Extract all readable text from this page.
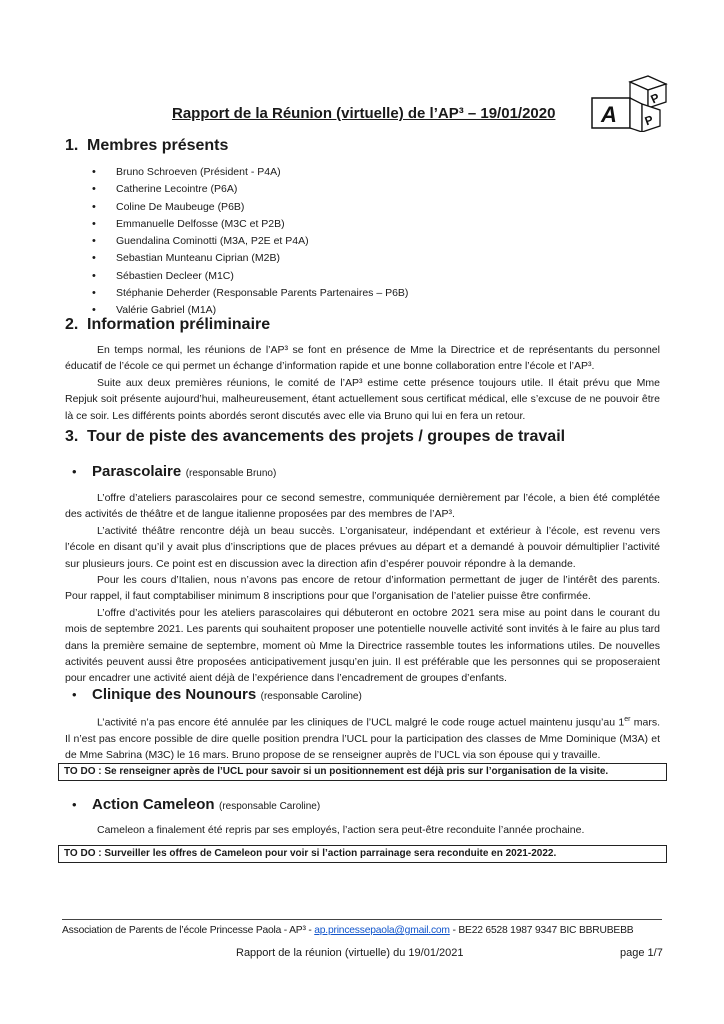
A P
P
Rapport de la Réunion (virtuelle) de l’AP³ – 19/01/2020
1. Membres présents
• Bruno Schroeven (Président - P4A)
• Catherine Lecointre (P6A)
• Coline De Maubeuge (P6B)
• Emmanuelle Delfosse (M3C et P2B)
• Guendalina Cominotti (M3A, P2E et P4A)
• Sebastian Munteanu Ciprian (M2B)
• Sébastien Decleer (M1C)
• Stéphanie Deherder (Responsable Parents Partenaires – P6B)
• Valérie Gabriel (M1A)
2. Information préliminaire

En temps normal, les réunions de l’AP³ se font en présence de Mme la Directrice et de représentants du personnel éducatif de l’école ce qui permet un échange d’information rapide et une bonne collaboration entre l’école et l’AP³.

Suite aux deux premières réunions, le comité de l’AP³ estime cette présence toujours utile. Il était prévu que Mme Repjuk soit présente aujourd’hui, malheureusement, étant actuellement sous certificat médical, elle s’excuse de ne pouvoir être là ce soir. Les différents points abordés seront discutés avec elle via Bruno qui lui en fera un retour.

3. Tour de piste des avancements des projets / groupes de travail
• Parascolaire (responsable Bruno)

L’offre d’ateliers parascolaires pour ce second semestre, communiquée dernièrement par l’école, a bien été complétée des activités de théâtre et de langue italienne proposées par des membres de l’AP³.

L’activité théâtre rencontre déjà un beau succès. L’organisateur, indépendant et extérieur à l’école, est revenu vers l’école en disant qu’il y avait plus d’inscriptions que de places prévues au départ et a demandé à pouvoir démultiplier l’activité sur plusieurs jours. Ce point est en discussion avec la direction afin d’espérer pouvoir répondre à la demande.

Pour les cours d’Italien, nous n’avons pas encore de retour d’information permettant de juger de l’intérêt des parents. Pour rappel, il faut comptabiliser minimum 8 inscriptions pour que l’organisation de l’atelier puisse être confirmée.

L’offre d’activités pour les ateliers parascolaires qui débuteront en octobre 2021 sera mise au point dans le courant du mois de septembre 2021. Les parents qui souhaitent proposer une potentielle nouvelle activité sont invités à le faire au plus tard dans la première semaine de septembre, moment où Mme la Directrice rassemble toutes les informations utiles. De nouvelles activités peuvent aussi être proposées anticipativement jusqu’en juin. Il est préférable que les personnes qui se proposeraient pour encadrer une activité aient déjà de l’expérience dans l’encadrement de groupes d’enfants.

• Clinique des Nounours (responsable Caroline)

L’activité n’a pas encore été annulée par les cliniques de l’UCL malgré le code rouge actuel maintenu jusqu’au 1er mars. Il n’est pas encore possible de dire quelle position prendra l’UCL pour la participation des classes de Mme Dominique (M3A) et de Mme Sabrina (M3C) le 16 mars. Bruno propose de se renseigner auprès de l’UCL via son épouse qui y travaille.

TO DO : Se renseigner après de l’UCL pour savoir si un positionnement est déjà pris sur l’organisation de la visite.
• Action Cameleon (responsable Caroline)

Cameleon a finalement été repris par ses employés, l’action sera peut-être reconduite l’année prochaine.

TO DO : Surveiller les offres de Cameleon pour voir si l’action parrainage sera reconduite en 2021-2022.
Association de Parents de l’école Princesse Paola - AP³ - ap.princessepaola@gmail.com - BE22 6528 1987 9347 BIC BBRUBEBB
Rapport de la réunion (virtuelle) du 19/01/2021	page 1/7
